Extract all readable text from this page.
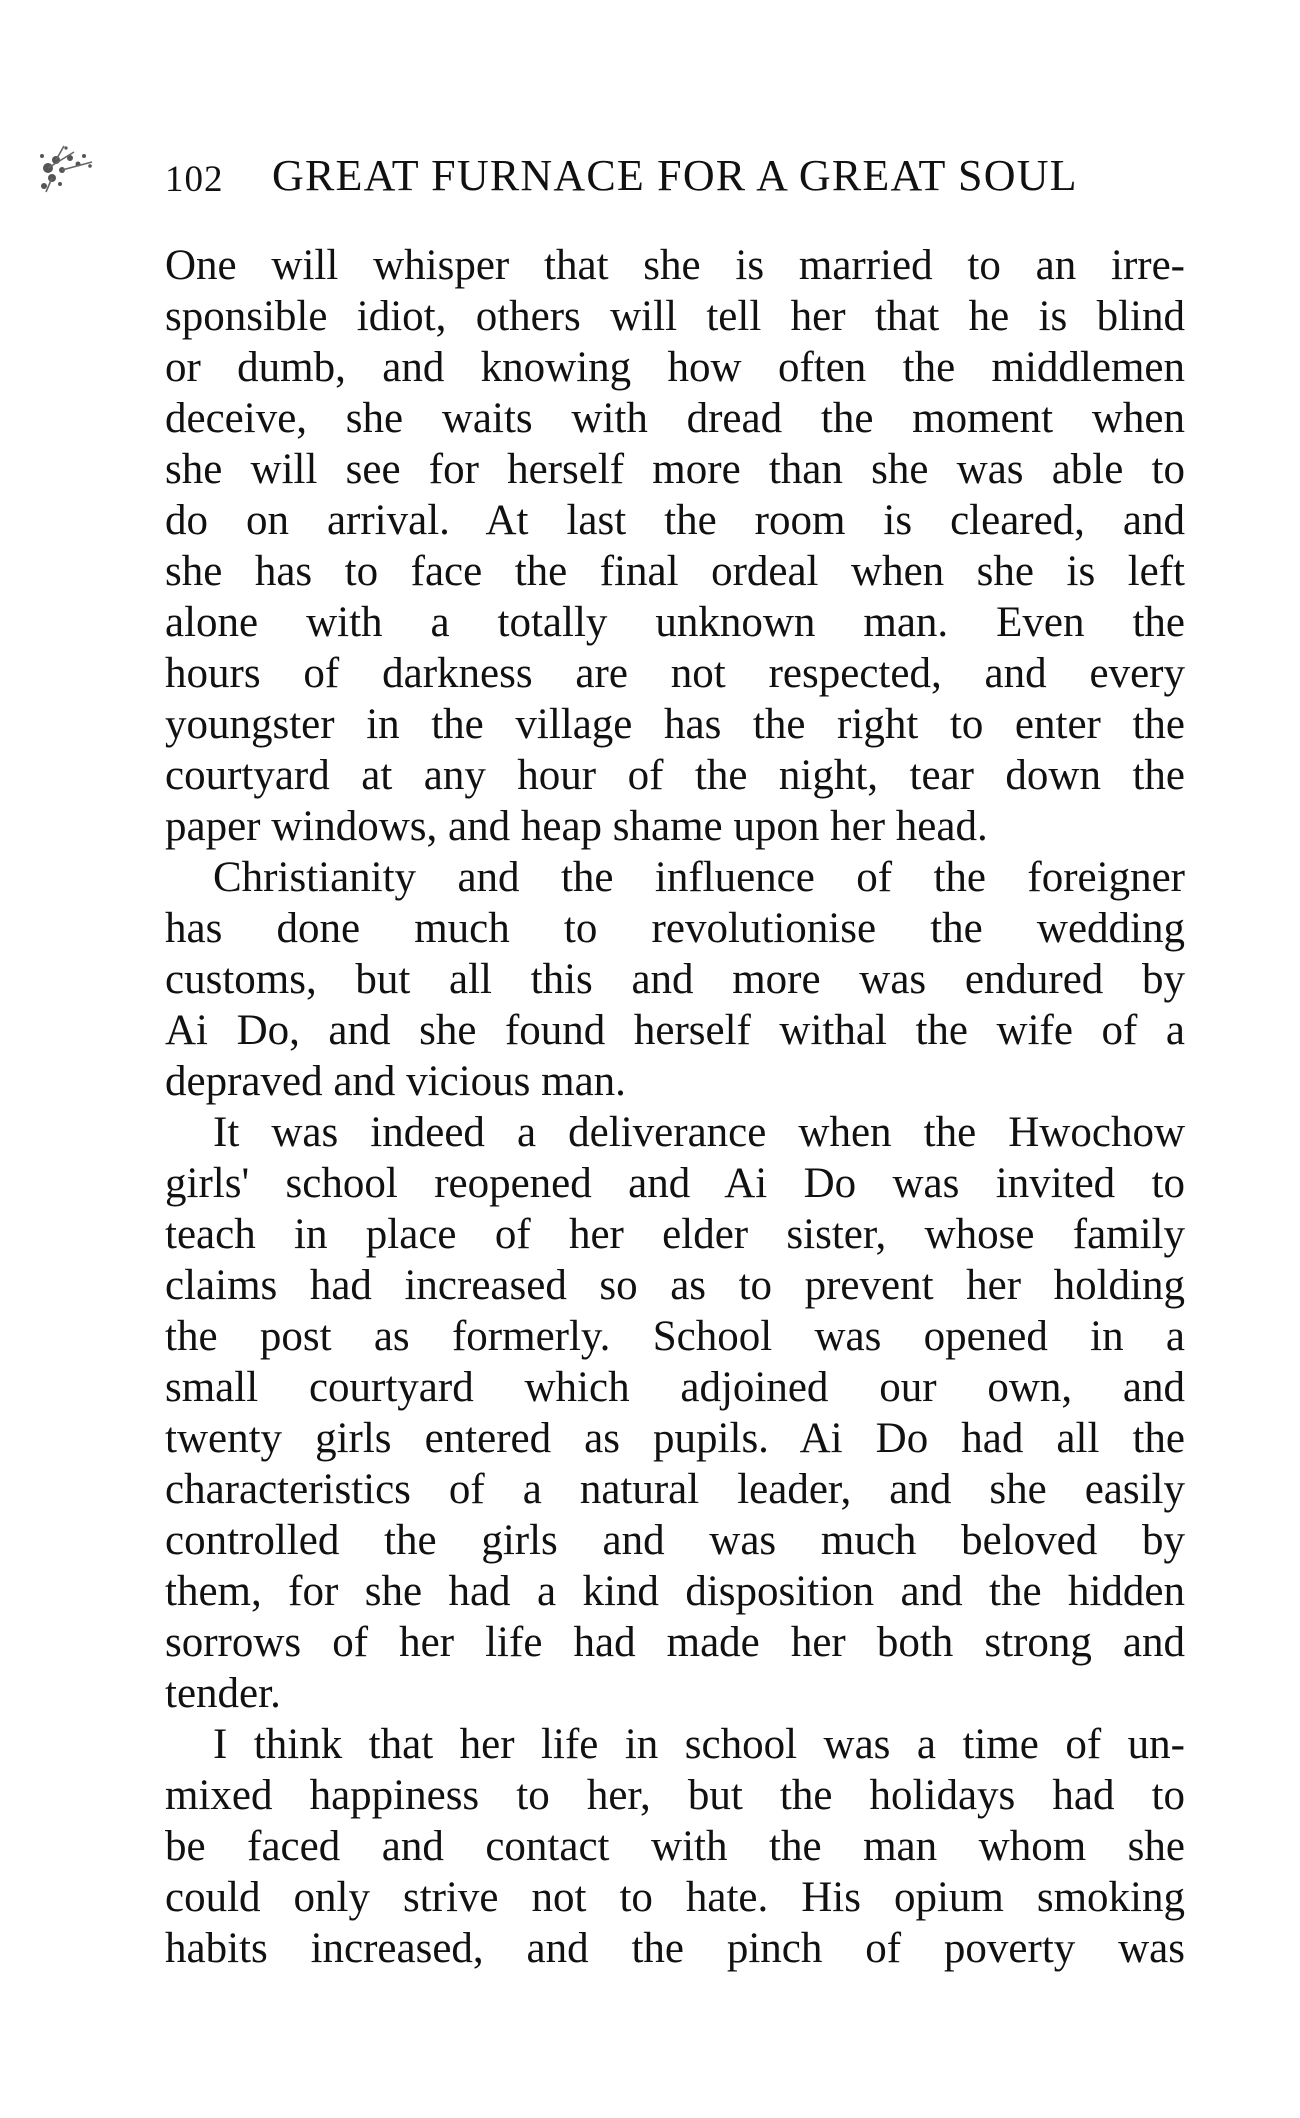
102 GREAT FURNACE FOR A GREAT SOUL
One will whisper that she is married to an irre-
sponsible idiot, others will tell her that he is blind
or dumb, and knowing how often the middlemen
deceive, she waits with dread the moment when
she will see for herself more than she was able to
do on arrival. At last the room is cleared, and
she has to face the final ordeal when she is left
alone with a totally unknown man. Even the
hours of darkness are not respected, and every
youngster in the village has the right to enter the
courtyard at any hour of the night, tear down the
paper windows, and heap shame upon her head.
Christianity and the influence of the foreigner
has done much to revolutionise the wedding
customs, but all this and more was endured by
Ai Do, and she found herself withal the wife of a
depraved and vicious man.
It was indeed a deliverance when the Hwochow
girls' school reopened and Ai Do was invited to
teach in place of her elder sister, whose family
claims had increased so as to prevent her holding
the post as formerly. School was opened in a
small courtyard which adjoined our own, and
twenty girls entered as pupils. Ai Do had all the
characteristics of a natural leader, and she easily
controlled the girls and was much beloved by
them, for she had a kind disposition and the hidden
sorrows of her life had made her both strong and
tender.
I think that her life in school was a time of un-
mixed happiness to her, but the holidays had to
be faced and contact with the man whom she
could only strive not to hate. His opium smoking
habits increased, and the pinch of poverty was
